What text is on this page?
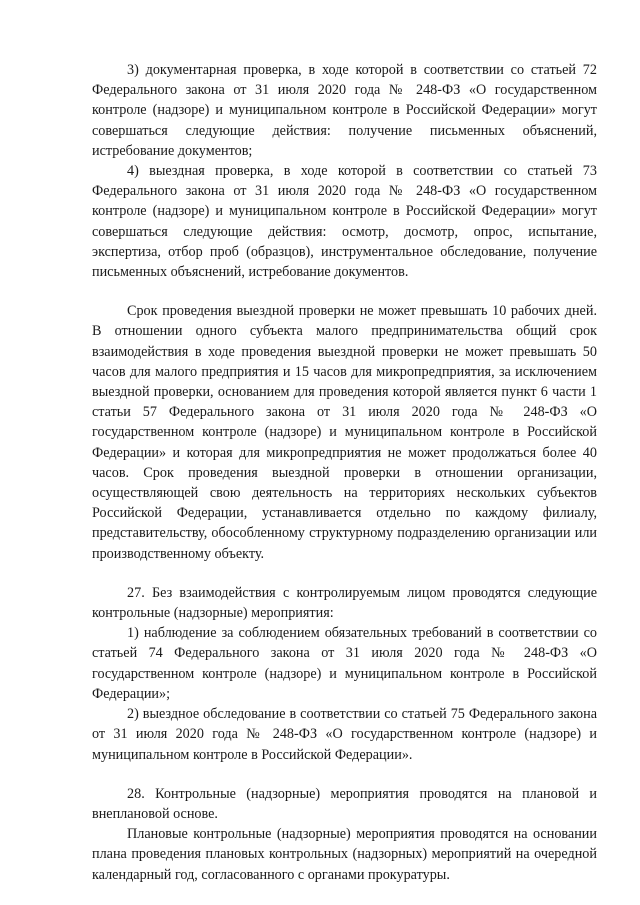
3) документарная проверка, в ходе которой в соответствии со статьей 72 Федерального закона от 31 июля 2020 года № 248-ФЗ «О государственном контроле (надзоре) и муниципальном контроле в Российской Федерации» могут совершаться следующие действия: получение письменных объяснений, истребование документов;

4) выездная проверка, в ходе которой в соответствии со статьей 73 Федерального закона от 31 июля 2020 года № 248-ФЗ «О государственном контроле (надзоре) и муниципальном контроле в Российской Федерации» могут совершаться следующие действия: осмотр, досмотр, опрос, испытание, экспертиза, отбор проб (образцов), инструментальное обследование, получение письменных объяснений, истребование документов.

Срок проведения выездной проверки не может превышать 10 рабочих дней. В отношении одного субъекта малого предпринимательства общий срок взаимодействия в ходе проведения выездной проверки не может превышать 50 часов для малого предприятия и 15 часов для микропредприятия, за исключением выездной проверки, основанием для проведения которой является пункт 6 части 1 статьи 57 Федерального закона от 31 июля 2020 года № 248-ФЗ «О государственном контроле (надзоре) и муниципальном контроле в Российской Федерации» и которая для микропредприятия не может продолжаться более 40 часов. Срок проведения выездной проверки в отношении организации, осуществляющей свою деятельность на территориях нескольких субъектов Российской Федерации, устанавливается отдельно по каждому филиалу, представительству, обособленному структурному подразделению организации или производственному объекту.

27. Без взаимодействия с контролируемым лицом проводятся следующие контрольные (надзорные) мероприятия:

1) наблюдение за соблюдением обязательных требований в соответствии со статьей 74 Федерального закона от 31 июля 2020 года № 248-ФЗ «О государственном контроле (надзоре) и муниципальном контроле в Российской Федерации»;

2) выездное обследование в соответствии со статьей 75 Федерального закона от 31 июля 2020 года № 248-ФЗ «О государственном контроле (надзоре) и муниципальном контроле в Российской Федерации».

28. Контрольные (надзорные) мероприятия проводятся на плановой и внеплановой основе.

Плановые контрольные (надзорные) мероприятия проводятся на основании плана проведения плановых контрольных (надзорных) мероприятий на очередной календарный год, согласованного с органами прокуратуры.
